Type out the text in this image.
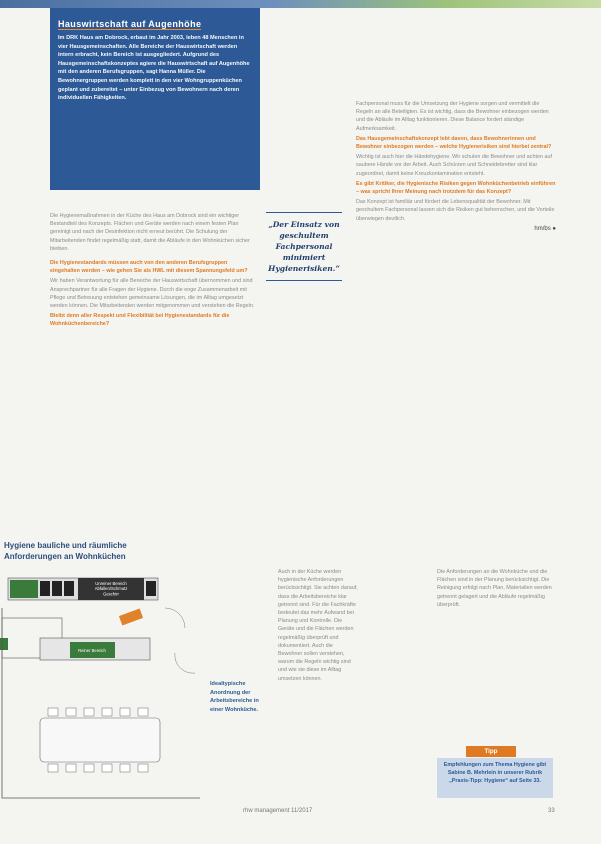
Hauswirtschaft auf Augenhöhe
Im DRK Haus am Dobrock, erbaut im Jahr 2003, leben 48 Menschen in vier Hausgemeinschaften. Alle Bereiche der Hauswirtschaft werden intern erbracht, kein Bereich ist ausgegliedert. Aufgrund des Hausgemeinschaftskonzeptes agiere die Hauswirtschaft auf Augenhöhe mit den anderen Berufsgruppen, sagt Hanna Müller. Die Bewohnergruppen werden komplett in den vier Wohngruppenküchen geplant und zubereitet – unter Einbezug von Bewohnern nach deren individuellen Fähigkeiten.

Die Hygienemaßnahmen in der Küche des Haus am Dobrock sind ein wichtiger Bestandteil des Konzepts. Flächen und Geräte werden nach einem festen Plan gereinigt und nach der Desinfektion nicht erneut berührt. Die Schulung der Mitarbeitenden findet regelmäßig statt, damit die Abläufe in den Wohnküchen sicher bleiben.

Die Hygienestandards müssen auch von den anderen Berufsgruppen eingehalten werden – wie gehen Sie als HWL mit diesem Spannungsfeld um?

Wir haben Verantwortung für alle Bereiche der Hauswirtschaft übernommen und sind Ansprechpartner für alle Fragen der Hygiene. Durch die enge Zusammenarbeit mit Pflege und Betreuung entstehen gemeinsame Lösungen, die im Alltag umgesetzt werden können. Die Mitarbeitenden werden mitgenommen und verstehen die Regeln.

Bleibt denn aller Respekt und Flexibilität bei Hygienestandards für die Wohnküchenbereiche?

„Der Einsatz von geschultem Fachpersonal minimiert Hygienerisiken.“

Fachpersonal muss für die Umsetzung der Hygiene sorgen und vermittelt die Regeln an alle Beteiligten. Es ist wichtig, dass die Bewohner einbezogen werden und die Abläufe im Alltag funktionieren. Diese Balance fordert ständige Aufmerksamkeit.

Das Hausgemeinschaftskonzept lebt davon, dass Bewohnerinnen und Bewohner einbezogen werden – welche Hygienerisiken sind hierbei zentral?

Wichtig ist auch hier die Händehygiene. Wir schulen die Bewohner und achten auf saubere Hände vor der Arbeit. Auch Schürzen und Schneidebretter sind klar zugeordnet, damit keine Kreuzkontamination entsteht.

Es gibt Kritiker, die Hygienische Risiken gegen Wohnküchenbetrieb einführen – was spricht Ihrer Meinung nach trotzdem für das Konzept?

Das Konzept ist familiär und fördert die Lebensqualität der Bewohner. Mit geschultem Fachpersonal lassen sich die Risiken gut beherrschen, und die Vorteile überwiegen deutlich.

hm/bs ●

Hygiene bauliche und räumliche
Anforderungen an Wohnküchen
Unreiner Bereich Abfallen/Schmutz Geschirr
Reiner Bereich
Idealtypische Anordnung der Arbeitsbereiche in einer Wohnküche.

Auch in der Küche werden hygienische Anforderungen berücksichtigt. Sie achten darauf, dass die Arbeitsbereiche klar getrennt sind. Für die Fachkräfte bedeutet das mehr Aufwand bei Planung und Kontrolle. Die Geräte und die Flächen werden regelmäßig überprüft und dokumentiert. Auch die Bewohner sollen verstehen, warum die Regeln wichtig sind und wie sie diese im Alltag umsetzen können.

Die Anforderungen an die Wohnküche und die Flächen sind in der Planung berücksichtigt. Die Reinigung erfolgt nach Plan, Materialien werden getrennt gelagert und die Abläufe regelmäßig überprüft.

Tipp
Empfehlungen zum Thema Hygiene gibt Sabine B. Mehrlein in unserer Rubrik „Praxis-Tipp: Hygiene“ auf Seite 33.
rhw management 11/2017	33
